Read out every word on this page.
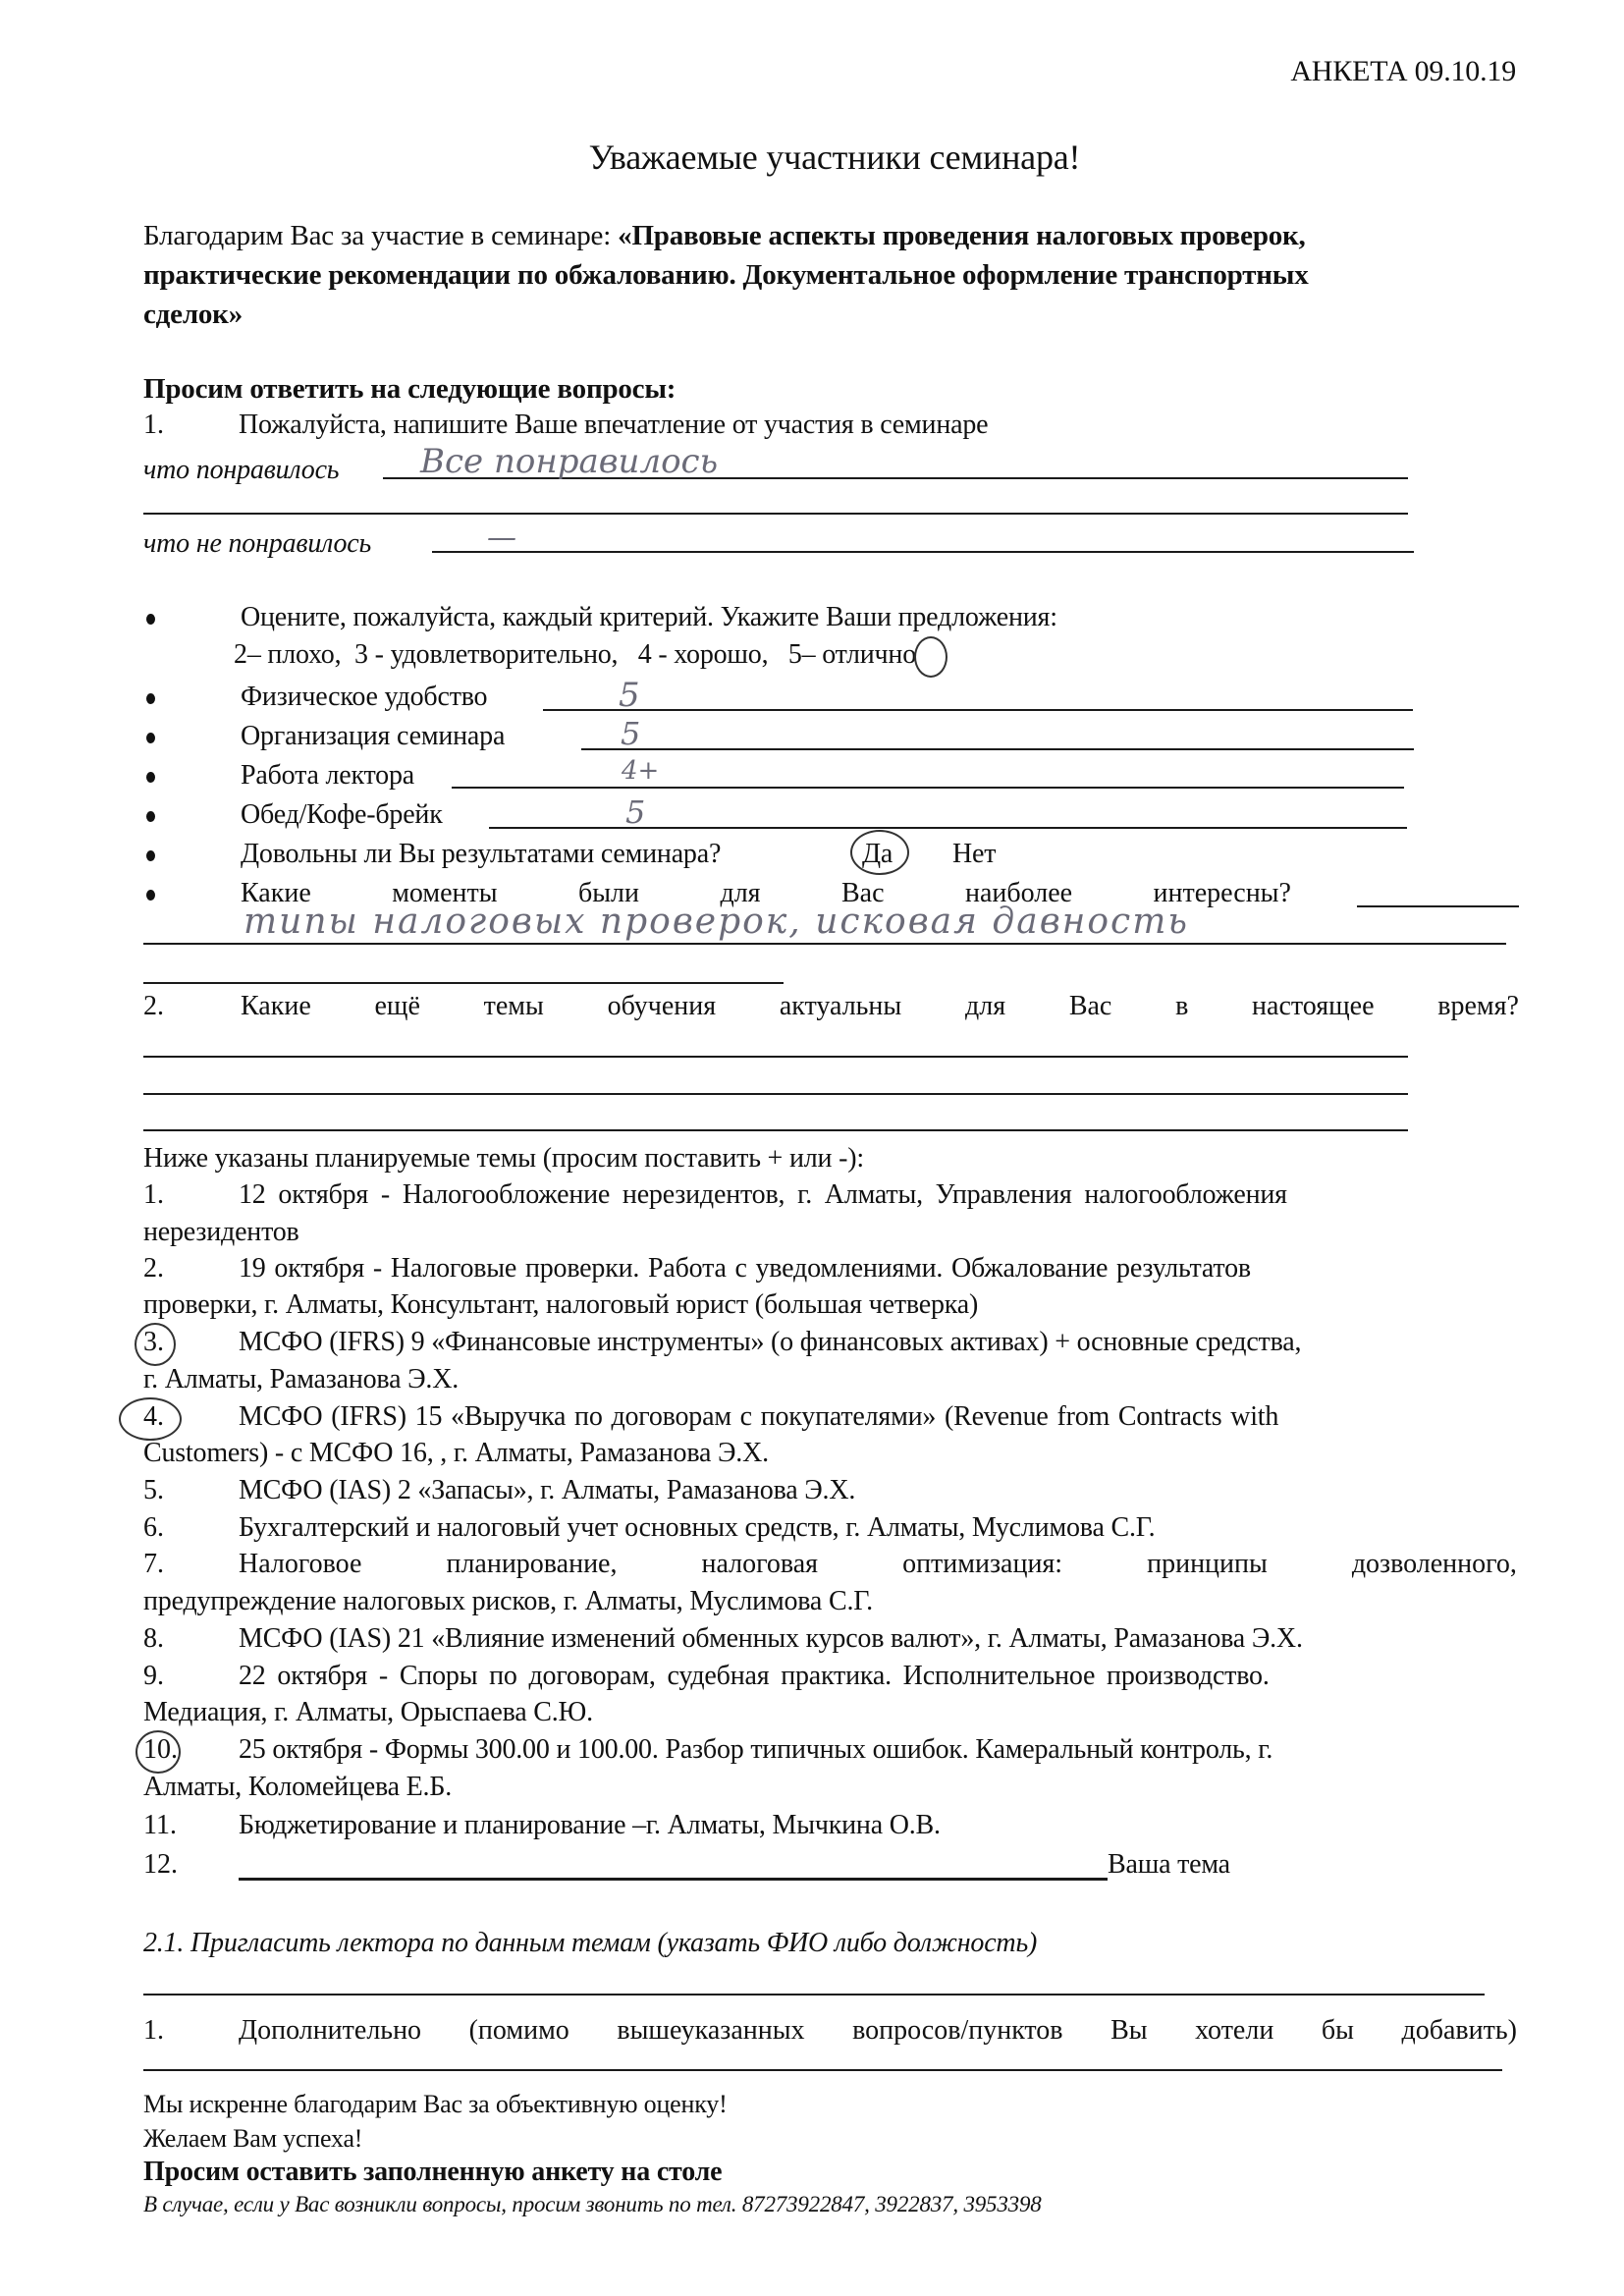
АНКЕТА 09.10.19
Уважаемые участники семинара!
Благодарим Вас за участие в семинаре: «Правовые аспекты проведения налоговых проверок,
практические рекомендации по обжалованию. Документальное оформление транспортных
сделок»
Просим ответить на следующие вопросы:
1.	Пожалуйста, напишите Ваше впечатление от участия в семинаре
что понравилось Все понравилось
что не понравилось	—
Оцените, пожалуйста, каждый критерий. Укажите Ваши предложения:
2– плохо, 3 - удовлетворительно, 4 - хорошо, 5– отлично
Физическое удобство	5
Организация семинара	5
Работа лектора	4+
Обед/Кофе-брейк	5
Довольны ли Вы результатами семинара?	Да Нет
Какие	моменты	были	для	Вас	наиболее	интересны?
типы налоговых проверок, исковая давность
2.	Какие ещё темы обучения актуальны для Вас в настоящее время?
Ниже указаны планируемые темы (просим поставить + или -):
1.	12 октября - Налогообложение нерезидентов, г. Алматы, Управления налогообложения
нерезидентов
2.	19 октября - Налоговые проверки. Работа с уведомлениями. Обжалование результатов
проверки, г. Алматы, Консультант, налоговый юрист (большая четверка)
3.	МСФО (IFRS) 9 «Финансовые инструменты» (о финансовых активах) + основные средства,
г. Алматы, Рамазанова Э.Х.
4.	МСФО (IFRS) 15 «Выручка по договорам с покупателями» (Revenue from Contracts with
Customers) - с МСФО 16, , г. Алматы, Рамазанова Э.Х.
5.	МСФО (IAS) 2 «Запасы», г. Алматы, Рамазанова Э.Х.
6.	Бухгалтерский и налоговый учет основных средств, г. Алматы, Муслимова С.Г.
7.	Налоговое	планирование,	налоговая	оптимизация:	принципы	дозволенного,
предупреждение налоговых рисков, г. Алматы, Муслимова С.Г.
8.	МСФО (IAS) 21 «Влияние изменений обменных курсов валют», г. Алматы, Рамазанова Э.Х.
9.	22 октября - Споры по договорам, судебная практика. Исполнительное производство.
Медиация, г. Алматы, Орыспаева С.Ю.
10. 25 октября - Формы 300.00 и 100.00. Разбор типичных ошибок. Камеральный контроль, г.
Алматы, Коломейцева Е.Б.
11. Бюджетирование и планирование –г. Алматы, Мычкина О.В.
12.	Ваша тема
2.1. Пригласить лектора по данным темам (указать ФИО либо должность)
1.	Дополнительно (помимо вышеуказанных вопросов/пунктов Вы хотели бы добавить)
Мы искренне благодарим Вас за объективную оценку!
Желаем Вам успеха!
Просим оставить заполненную анкету на столе
В случае, если у Вас возникли вопросы, просим звонить по тел. 87273922847, 3922837, 3953398
